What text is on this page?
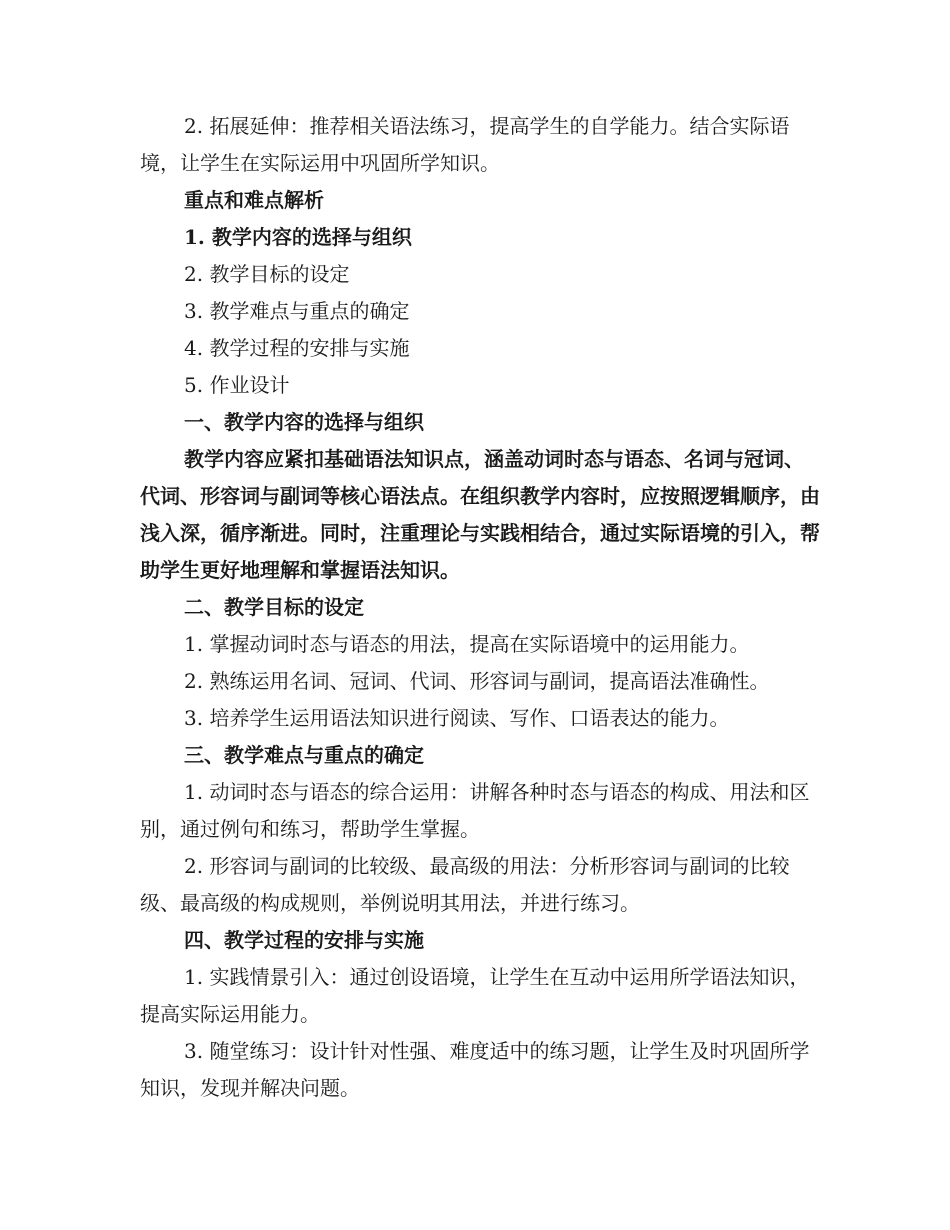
2. 拓展延伸：推荐相关语法练习，提高学生的自学能力。结合实际语境，让学生在实际运用中巩固所学知识。

重点和难点解析

1. 教学内容的选择与组织

2. 教学目标的设定

3. 教学难点与重点的确定

4. 教学过程的安排与实施

5. 作业设计

一、教学内容的选择与组织

教学内容应紧扣基础语法知识点，涵盖动词时态与语态、名词与冠词、代词、形容词与副词等核心语法点。在组织教学内容时，应按照逻辑顺序，由浅入深，循序渐进。同时，注重理论与实践相结合，通过实际语境的引入，帮助学生更好地理解和掌握语法知识。

二、教学目标的设定

1. 掌握动词时态与语态的用法，提高在实际语境中的运用能力。

2. 熟练运用名词、冠词、代词、形容词与副词，提高语法准确性。

3. 培养学生运用语法知识进行阅读、写作、口语表达的能力。

三、教学难点与重点的确定

1. 动词时态与语态的综合运用：讲解各种时态与语态的构成、用法和区别，通过例句和练习，帮助学生掌握。

2. 形容词与副词的比较级、最高级的用法：分析形容词与副词的比较级、最高级的构成规则，举例说明其用法，并进行练习。

四、教学过程的安排与实施

1. 实践情景引入：通过创设语境，让学生在互动中运用所学语法知识，提高实际运用能力。

3. 随堂练习：设计针对性强、难度适中的练习题，让学生及时巩固所学知识，发现并解决问题。
